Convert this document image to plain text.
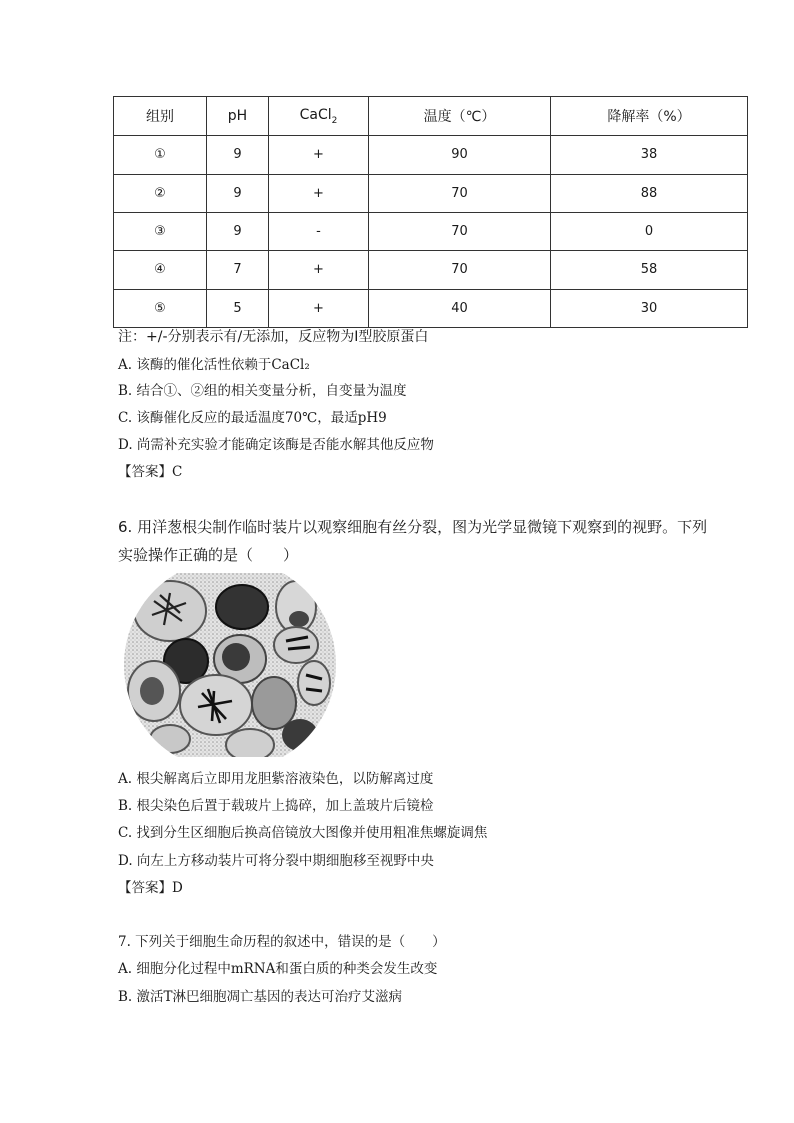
组别	pH	CaCl$_2$	温度（℃）	降解率（%）
①	9	+	90	38
②	9	+	70	88
③	9	-	70	0
④	7	+	70	58
⑤	5	+	40	30
注：+/-分别表示有/无添加，反应物为Ⅰ型胶原蛋白
A. 该酶的催化活性依赖于CaCl₂
B. 结合①、②组的相关变量分析，自变量为温度
C. 该酶催化反应的最适温度70℃，最适pH9
D. 尚需补充实验才能确定该酶是否能水解其他反应物
【答案】C
6. 用洋葱根尖制作临时装片以观察细胞有丝分裂，图为光学显微镜下观察到的视野。下列
实验操作正确的是（　　）
A. 根尖解离后立即用龙胆紫溶液染色，以防解离过度
B. 根尖染色后置于载玻片上捣碎，加上盖玻片后镜检
C. 找到分生区细胞后换高倍镜放大图像并使用粗准焦螺旋调焦
D. 向左上方移动装片可将分裂中期细胞移至视野中央
【答案】D
7. 下列关于细胞生命历程的叙述中，错误的是（　　）
A. 细胞分化过程中mRNA和蛋白质的种类会发生改变
B. 激活T淋巴细胞凋亡基因的表达可治疗艾滋病
